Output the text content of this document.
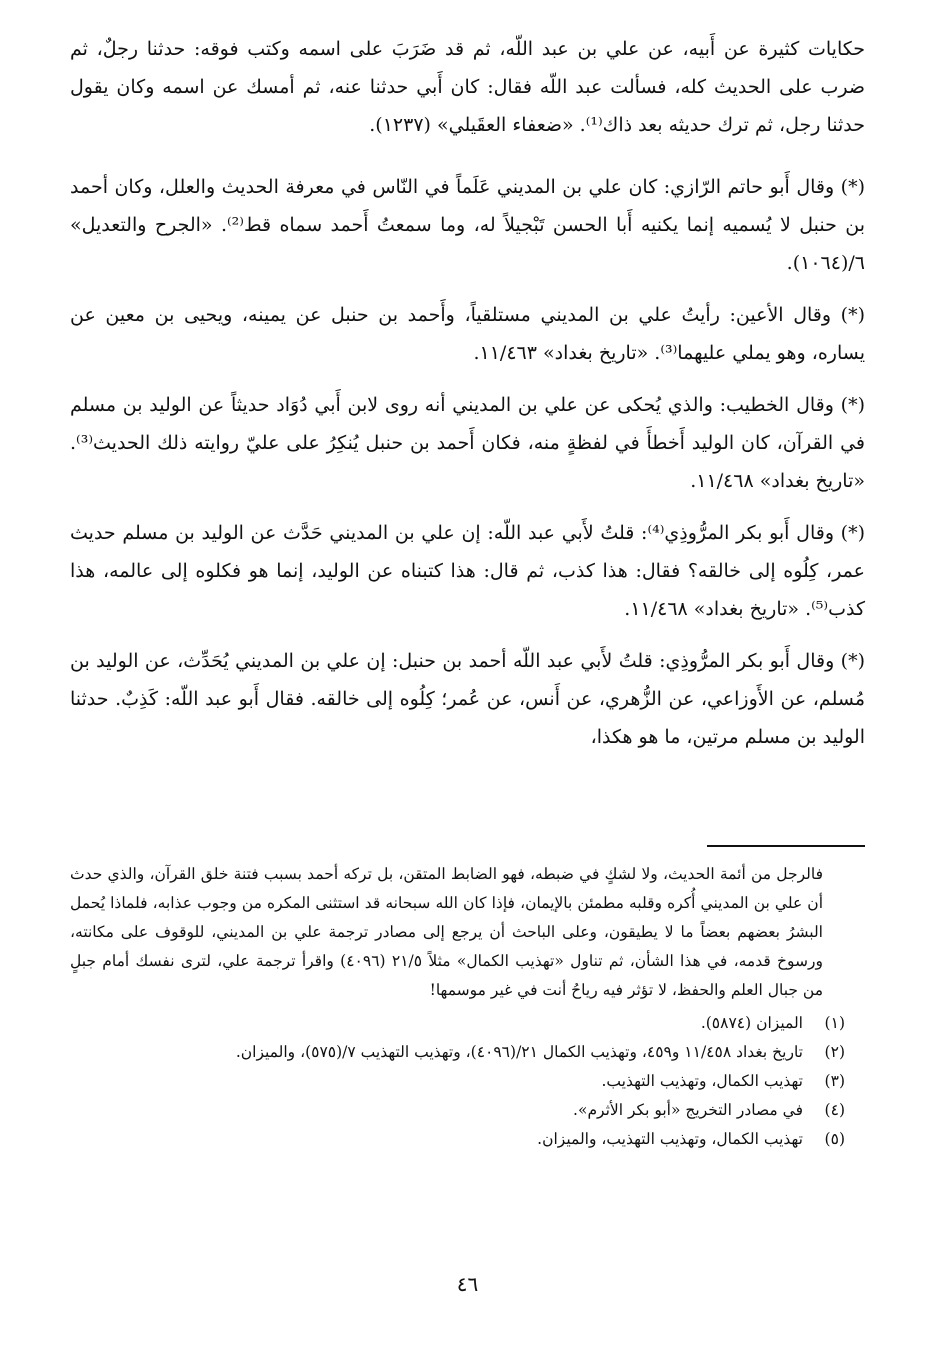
حكايات كثيرة عن أَبيه، عن علي بن عبد اللّه، ثم قد ضَرَبَ على اسمه وكتب فوقه: حدثنا رجلٌ، ثم ضرب على الحديث كله، فسألت عبد اللّه فقال: كان أَبي حدثنا عنه، ثم أمسك عن اسمه وكان يقول حدثنا رجل، ثم ترك حديثه بعد ذاك⁽¹⁾. «ضعفاء العقَيلي» (١٢٣٧).

(*) وقال أَبو حاتم الرّازي: كان علي بن المديني عَلَماً في النّاس في معرفة الحديث والعلل، وكان أحمد بن حنبل لا يُسميه إنما يكنيه أَبا الحسن تَبْجيلاً له، وما سمعتُ أَحمد سماه قط⁽²⁾. «الجرح والتعديل» ٦/(١٠٦٤).

(*) وقال الأعين: رأيتُ علي بن المديني مستلقياً، وأَحمد بن حنبل عن يمينه، ويحيى بن معين عن يساره، وهو يملي عليهما⁽³⁾. «تاريخ بغداد» ١١/٤٦٣.

(*) وقال الخطيب: والذي يُحكى عن علي بن المديني أنه روى لابن أَبي دُوَاد حديثاً عن الوليد بن مسلم في القرآن، كان الوليد أَخطأَ في لفظةٍ منه، فكان أَحمد بن حنبل يُنكِرُ على عليّ روايته ذلك الحديث⁽³⁾. «تاريخ بغداد» ١١/٤٦٨.

(*) وقال أَبو بكر المرُّوذِي⁽⁴⁾: قلتُ لأَبي عبد اللّه: إن علي بن المديني حَدَّث عن الوليد بن مسلم حديث عمر، كِلُوه إلى خالقه؟ فقال: هذا كذب، ثم قال: هذا كتبناه عن الوليد، إنما هو فكلوه إلى عالمه، هذا كذب⁽⁵⁾. «تاريخ بغداد» ١١/٤٦٨.

(*) وقال أَبو بكر المرُّوذِي: قلتُ لأَبي عبد اللّه أحمد بن حنبل: إن علي بن المديني يُحَدِّث، عن الوليد بن مُسلم، عن الأَوزاعي، عن الزُّهري، عن أَنس، عن عُمر؛ كِلُوه إلى خالقه. فقال أَبو عبد اللّه: كَذِبٌ. حدثنا الوليد بن مسلم مرتين، ما هو هكذا،

فالرجل من أئمة الحديث، ولا لشكٍ في ضبطه، فهو الضابط المتقن، بل تركه أحمد بسبب فتنة خلق القرآن، والذي حدث أن علي بن المديني أُكره وقلبه مطمئن بالإيمان، فإذا كان الله سبحانه قد استثنى المكره من وجوب عذابه، فلماذا يُحمل البشرُ بعضهم بعضاً ما لا يطيقون، وعلى الباحث أن يرجع إلى مصادر ترجمة علي بن المديني، للوقوف على مكانته، ورسوخ قدمه، في هذا الشأن، ثم تناول «تهذيب الكمال» مثلاً ٢١/٥ (٤٠٩٦) واقرأ ترجمة علي، لترى نفسك أمام جبلٍ من جبال العلم والحفظ، لا تؤثر فيه رياحُ أنت في غير موسمها!

(١)
الميزان (٥٨٧٤).
(٢)
تاريخ بغداد ١١/٤٥٨ و٤٥٩، وتهذيب الكمال ٢١/(٤٠٩٦)، وتهذيب التهذيب ٧/(٥٧٥)، والميزان.
(٣)
تهذيب الكمال، وتهذيب التهذيب.
(٤)
في مصادر التخريج «أبو بكر الأثرم».
(٥)
تهذيب الكمال، وتهذيب التهذيب، والميزان.
٤٦
